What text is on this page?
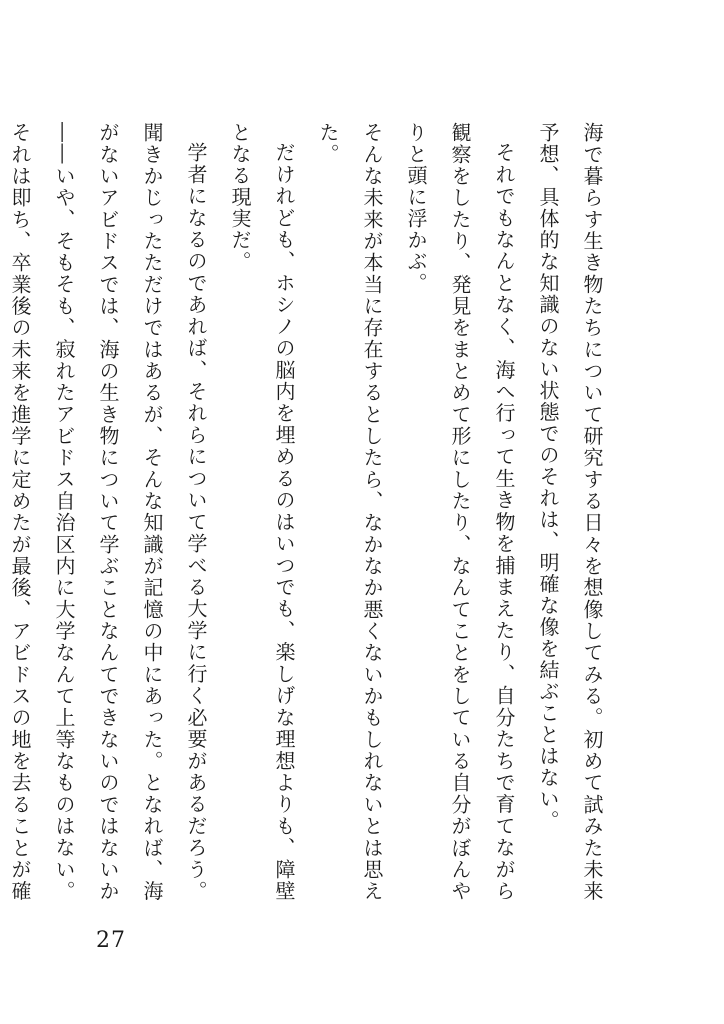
海で暮らす生き物たちについて研究する日々を想像してみる。初めて試みた未来予想、具体的な知識のない状態でのそれは、明確な像を結ぶことはない。

それでもなんとなく、海へ行って生き物を捕まえたり、自分たちで育てながら観察をしたり、発見をまとめて形にしたり、なんてことをしている自分がぼんやりと頭に浮かぶ。

そんな未来が本当に存在するとしたら、なかなか悪くないかもしれないとは思えた。

だけれども、ホシノの脳内を埋めるのはいつでも、楽しげな理想よりも、障壁となる現実だ。

学者になるのであれば、それらについて学べる大学に行く必要があるだろう。聞きかじったただけではあるが、そんな知識が記憶の中にあった。となれば、海がないアビドスでは、海の生き物について学ぶことなんてできないのではないか――いや、そもそも、寂れたアビドス自治区内に大学なんて上等なものはない。それは即ち、卒業後の未来を進学に定めたが最後、アビドスの地を去ることが確

27
